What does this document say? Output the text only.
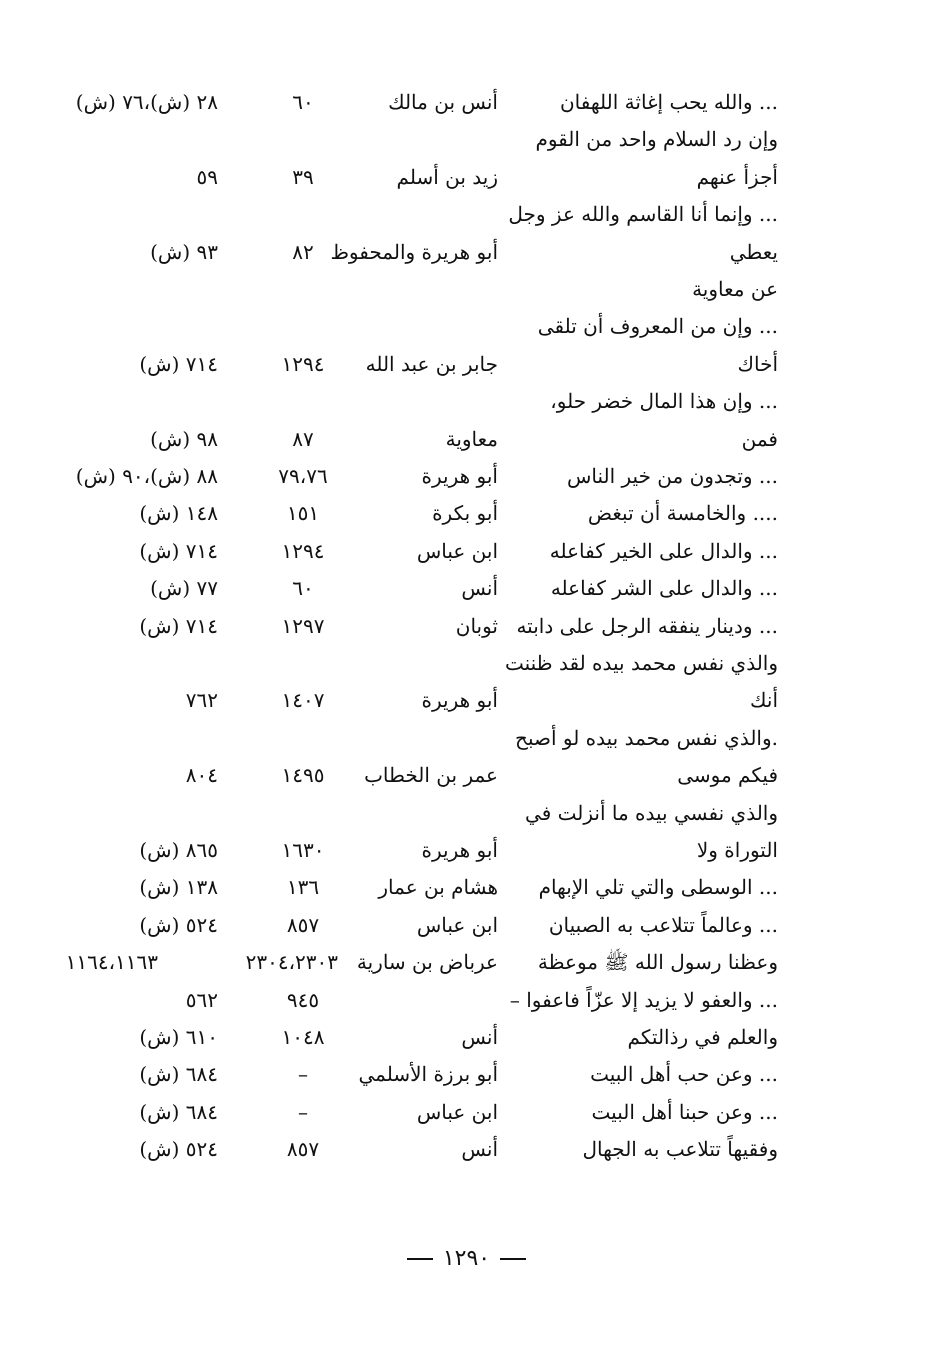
... والله يحب إغاثة اللهفان
أنس بن مالك
٦٠
٢٨ (ش)،٧٦ (ش)
وإن رد السلام واحد من القوم
أجزأ عنهم
زيد بن أسلم
٣٩
٥٩
... وإنما أنا القاسم والله عز وجل
يعطي
أبو هريرة والمحفوظ
٨٢
٩٣ (ش)
عن معاوية
... وإن من المعروف أن تلقى
أخاك
جابر بن عبد الله
١٢٩٤
٧١٤ (ش)
... وإن هذا المال خضر حلو،
فمن
معاوية
٨٧
٩٨ (ش)
... وتجدون من خير الناس
أبو هريرة
٧٩،٧٦
٨٨ (ش)،٩٠ (ش)
.... والخامسة أن تبغض
أبو بكرة
١٥١
١٤٨ (ش)
... والدال على الخير كفاعله
ابن عباس
١٢٩٤
٧١٤ (ش)
... والدال على الشر كفاعله
أنس
٦٠
٧٧ (ش)
... ودينار ينفقه الرجل على دابته
ثوبان
١٢٩٧
٧١٤ (ش)
والذي نفس محمد بيده لقد ظننت
أنك
أبو هريرة
١٤٠٧
٧٦٢
.والذي نفس محمد بيده لو أصبح
فيكم موسى
عمر بن الخطاب
١٤٩٥
٨٠٤
والذي نفسي بيده ما أنزلت في
التوراة ولا
أبو هريرة
١٦٣٠
٨٦٥ (ش)
... الوسطى والتي تلي الإبهام
هشام بن عمار
١٣٦
١٣٨ (ش)
... وعالماً تتلاعب به الصبيان
ابن عباس
٨٥٧
٥٢٤ (ش)
وعظنا رسول الله ﷺ موعظة
عرباض بن سارية
٢٣٠٤،٢٣٠٣
١١٦٤،١١٦٣
... والعفو لا يزيد إلا عزّاً فاعفوا –
٩٤٥
٥٦٢
والعلم في رذالتكم
أنس
١٠٤٨
٦١٠ (ش)
... وعن حب أهل البيت
أبو برزة الأسلمي
–
٦٨٤ (ش)
... وعن حبنا أهل البيت
ابن عباس
–
٦٨٤ (ش)
وفقيهاً تتلاعب به الجهال
أنس
٨٥٧
٥٢٤ (ش)
١٢٩٠
